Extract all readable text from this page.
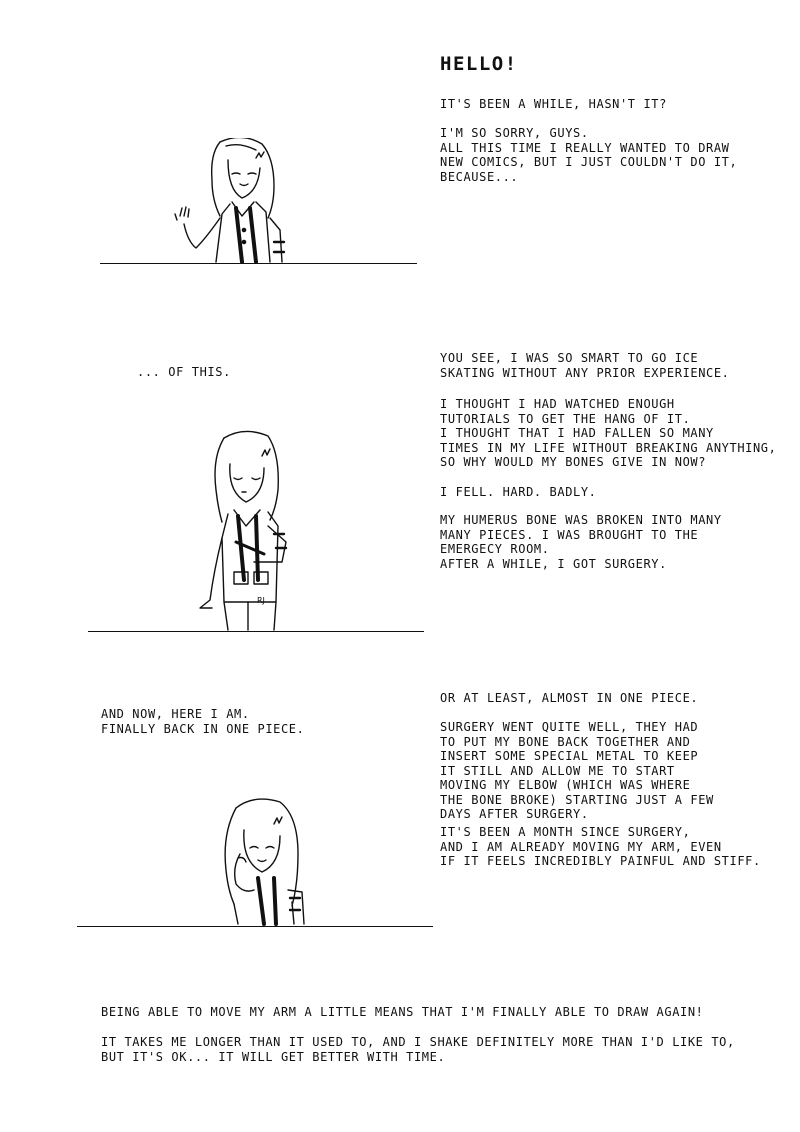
HELLO!
IT'S BEEN A WHILE, HASN'T IT?
I'M SO SORRY, GUYS.
ALL THIS TIME I REALLY WANTED TO DRAW
NEW COMICS, BUT I JUST COULDN'T DO IT,
BECAUSE...
... OF THIS.
YOU SEE, I WAS SO SMART TO GO ICE
SKATING WITHOUT ANY PRIOR EXPERIENCE.
I THOUGHT I HAD WATCHED ENOUGH
TUTORIALS TO GET THE HANG OF IT.
I THOUGHT THAT I HAD FALLEN SO MANY
TIMES IN MY LIFE WITHOUT BREAKING ANYTHING,
SO WHY WOULD MY BONES GIVE IN NOW?
I FELL. HARD. BADLY.
MY HUMERUS BONE WAS BROKEN INTO MANY
MANY PIECES. I WAS BROUGHT TO THE
EMERGECY ROOM.
AFTER A WHILE, I GOT SURGERY.
RJ
AND NOW, HERE I AM.
FINALLY BACK IN ONE PIECE.
OR AT LEAST, ALMOST IN ONE PIECE.
SURGERY WENT QUITE WELL, THEY HAD
TO PUT MY BONE BACK TOGETHER AND
INSERT SOME SPECIAL METAL TO KEEP
IT STILL AND ALLOW ME TO START
MOVING MY ELBOW (WHICH WAS WHERE
THE BONE BROKE) STARTING JUST A FEW
DAYS AFTER SURGERY.
IT'S BEEN A MONTH SINCE SURGERY,
AND I AM ALREADY MOVING MY ARM, EVEN
IF IT FEELS INCREDIBLY PAINFUL AND STIFF.
BEING ABLE TO MOVE MY ARM A LITTLE MEANS THAT I'M FINALLY ABLE TO DRAW AGAIN!
IT TAKES ME LONGER THAN IT USED TO, AND I SHAKE DEFINITELY MORE THAN I'D LIKE TO,
BUT IT'S OK... IT WILL GET BETTER WITH TIME.
